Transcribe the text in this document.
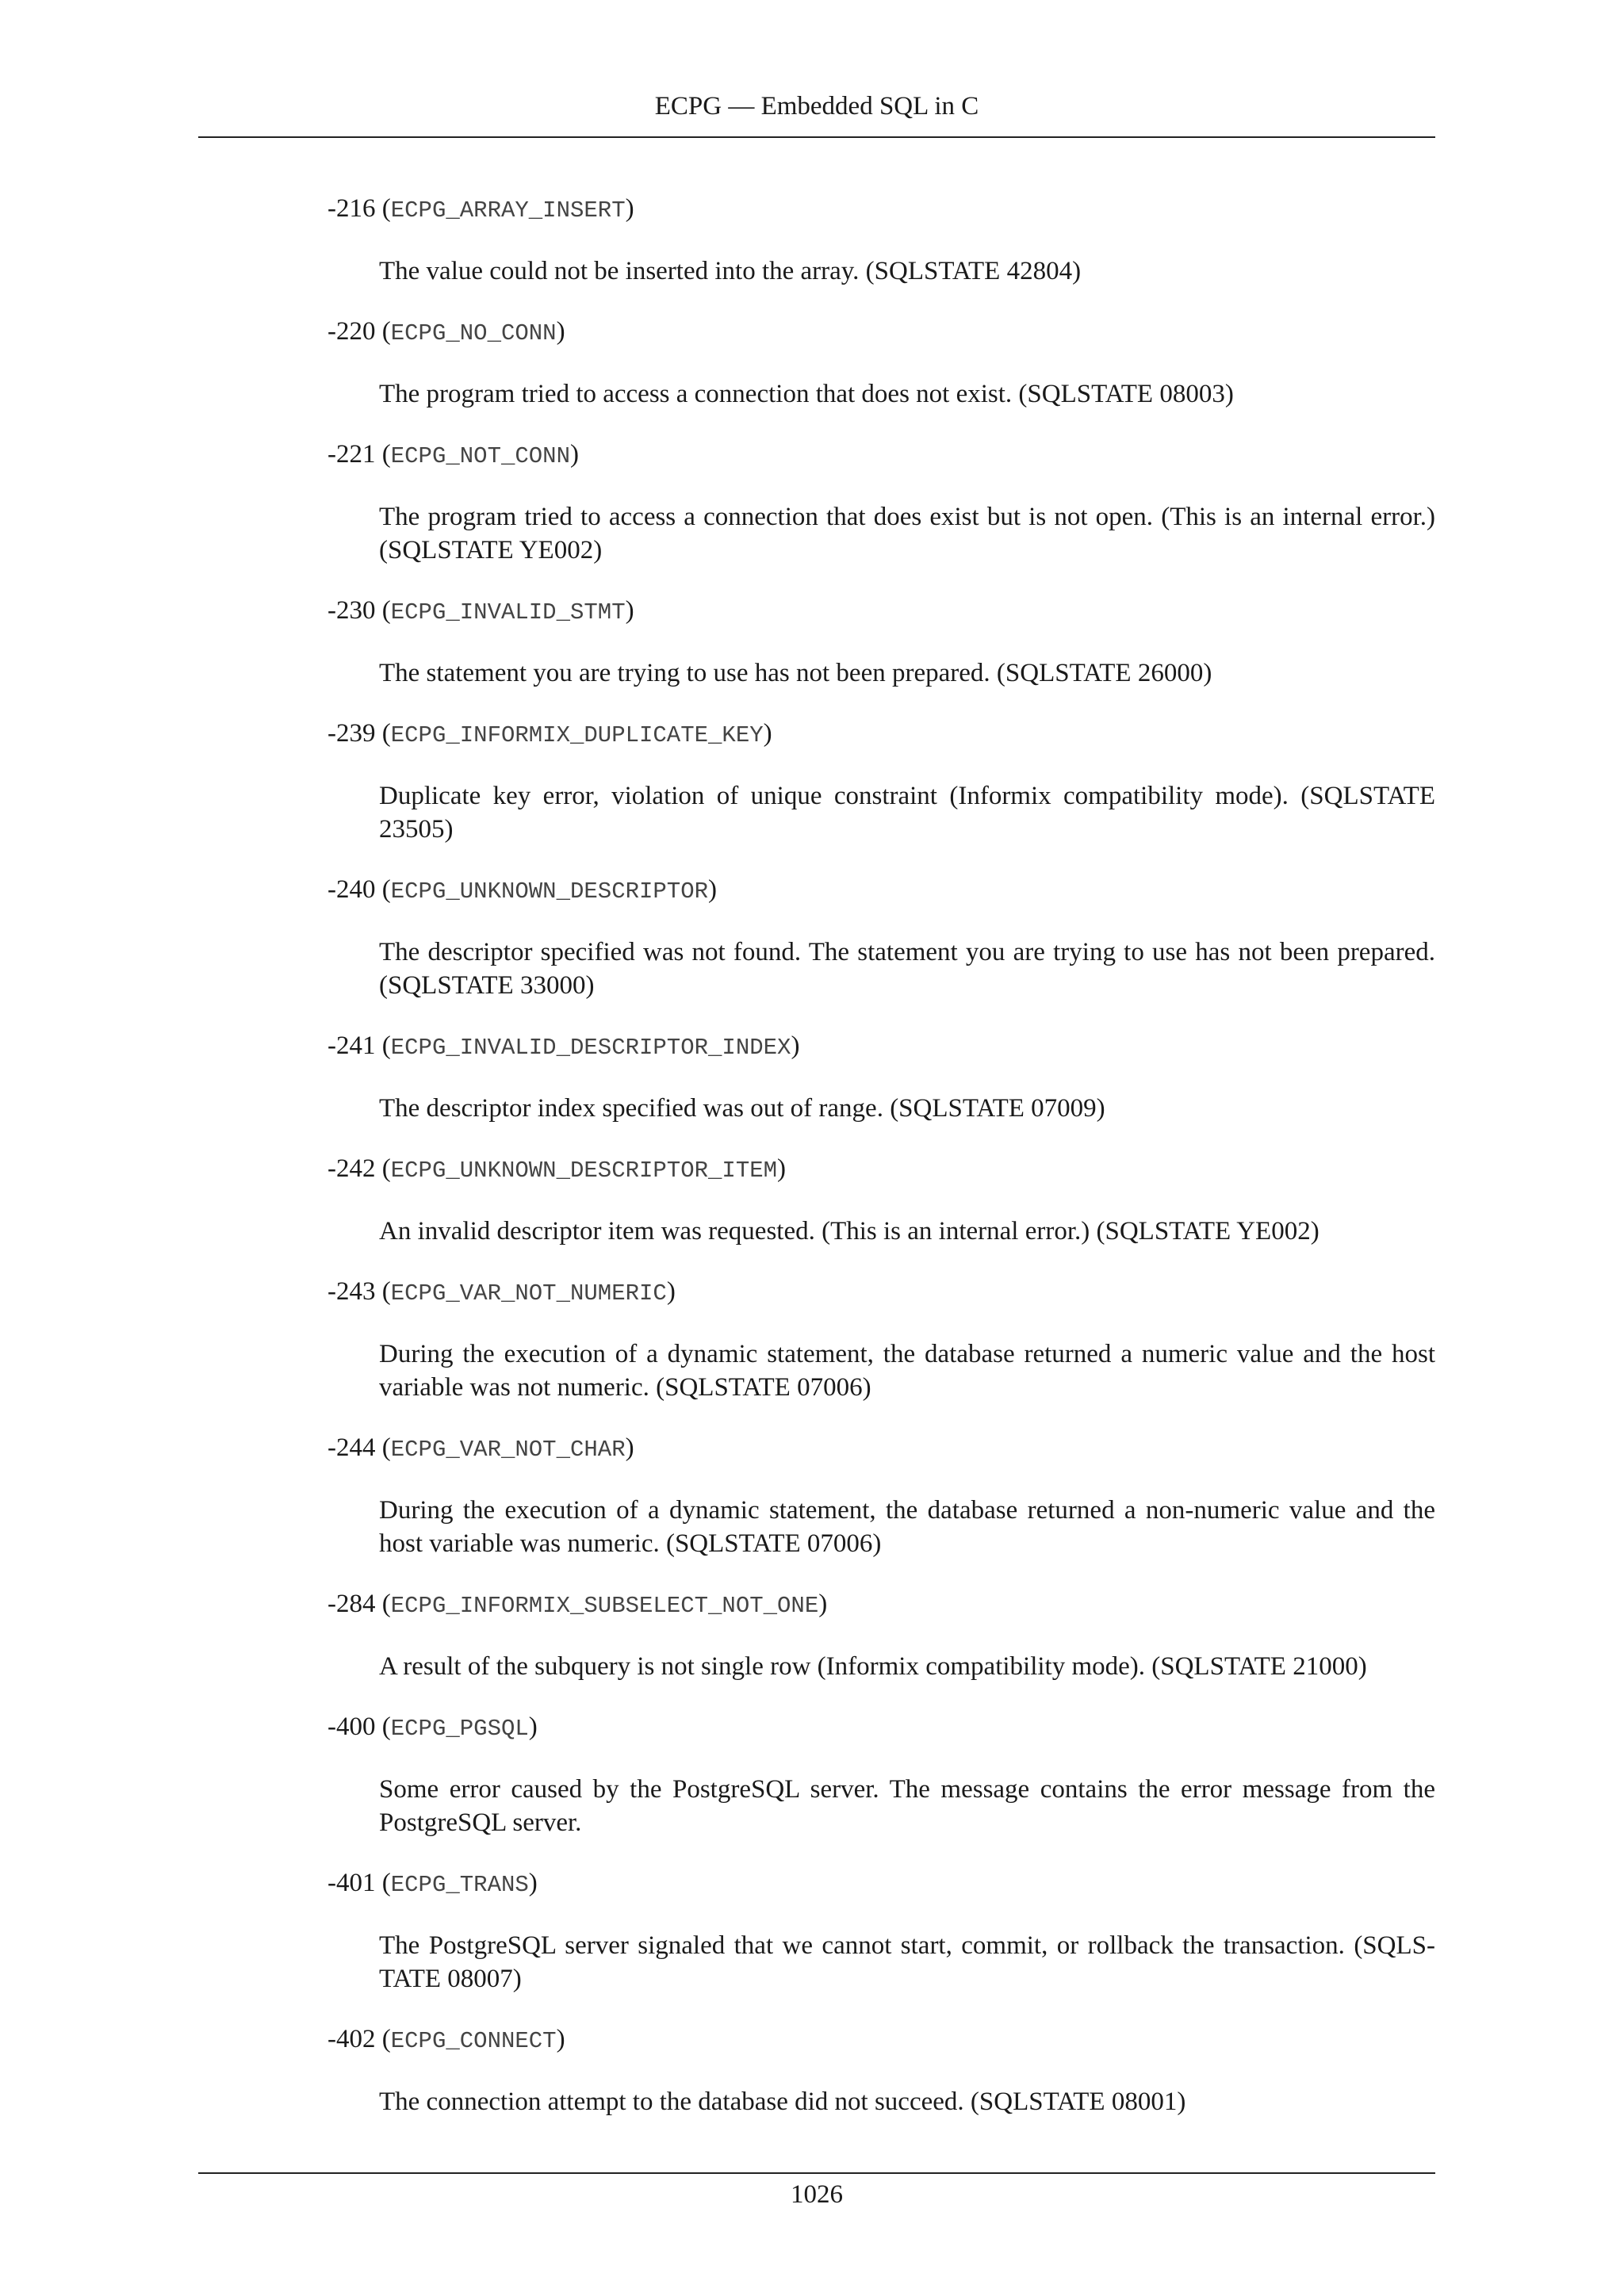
ECPG — Embedded SQL in C

-216 (ECPG_ARRAY_INSERT)

The value could not be inserted into the array. (SQLSTATE 42804)

-220 (ECPG_NO_CONN)

The program tried to access a connection that does not exist. (SQLSTATE 08003)

-221 (ECPG_NOT_CONN)

The program tried to access a connection that does exist but is not open. (This is an internal error.) (SQLSTATE YE002)

-230 (ECPG_INVALID_STMT)

The statement you are trying to use has not been prepared. (SQLSTATE 26000)

-239 (ECPG_INFORMIX_DUPLICATE_KEY)

Duplicate key error, violation of unique constraint (Informix compatibility mode). (SQLSTATE 23505)

-240 (ECPG_UNKNOWN_DESCRIPTOR)

The descriptor specified was not found. The statement you are trying to use has not been prepared. (SQLSTATE 33000)

-241 (ECPG_INVALID_DESCRIPTOR_INDEX)

The descriptor index specified was out of range. (SQLSTATE 07009)

-242 (ECPG_UNKNOWN_DESCRIPTOR_ITEM)

An invalid descriptor item was requested. (This is an internal error.) (SQLSTATE YE002)

-243 (ECPG_VAR_NOT_NUMERIC)

During the execution of a dynamic statement, the database returned a numeric value and the host variable was not numeric. (SQLSTATE 07006)

-244 (ECPG_VAR_NOT_CHAR)

During the execution of a dynamic statement, the database returned a non-numeric value and the host variable was numeric. (SQLSTATE 07006)

-284 (ECPG_INFORMIX_SUBSELECT_NOT_ONE)

A result of the subquery is not single row (Informix compatibility mode). (SQLSTATE 21000)

-400 (ECPG_PGSQL)

Some error caused by the PostgreSQL server. The message contains the error message from the PostgreSQL server.

-401 (ECPG_TRANS)

The PostgreSQL server signaled that we cannot start, commit, or rollback the transaction. (SQLS-TATE 08007)

-402 (ECPG_CONNECT)

The connection attempt to the database did not succeed. (SQLSTATE 08001)

1026
